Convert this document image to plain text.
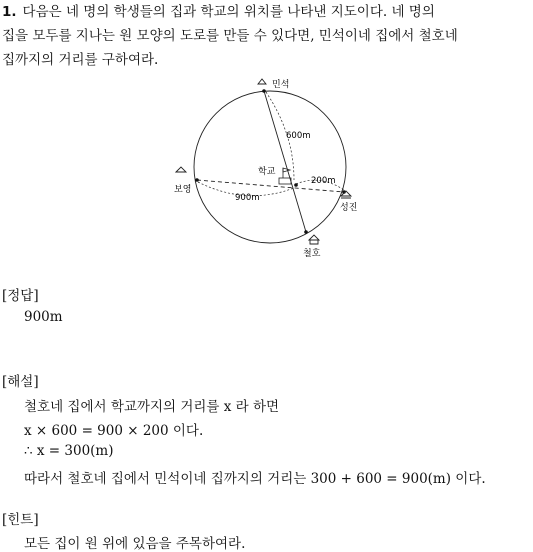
1. 다음은 네 명의 학생들의 집과 학교의 위치를 나타낸 지도이다. 네 명의
집을 모두를 지나는 원 모양의 도로를 만들 수 있다면, 민석이네 집에서 철호네
집까지의 거리를 구하여라.
민석
보영
성진
철호
학교
600m
200m
900m
[정답]
900m
[해설]
철호네 집에서 학교까지의 거리를 x 라 하면
x × 600 = 900 × 200 이다.
∴ x = 300(m)
따라서 철호네 집에서 민석이네 집까지의 거리는 300 + 600 = 900(m) 이다.
[힌트]
모든 집이 원 위에 있음을 주목하여라.
